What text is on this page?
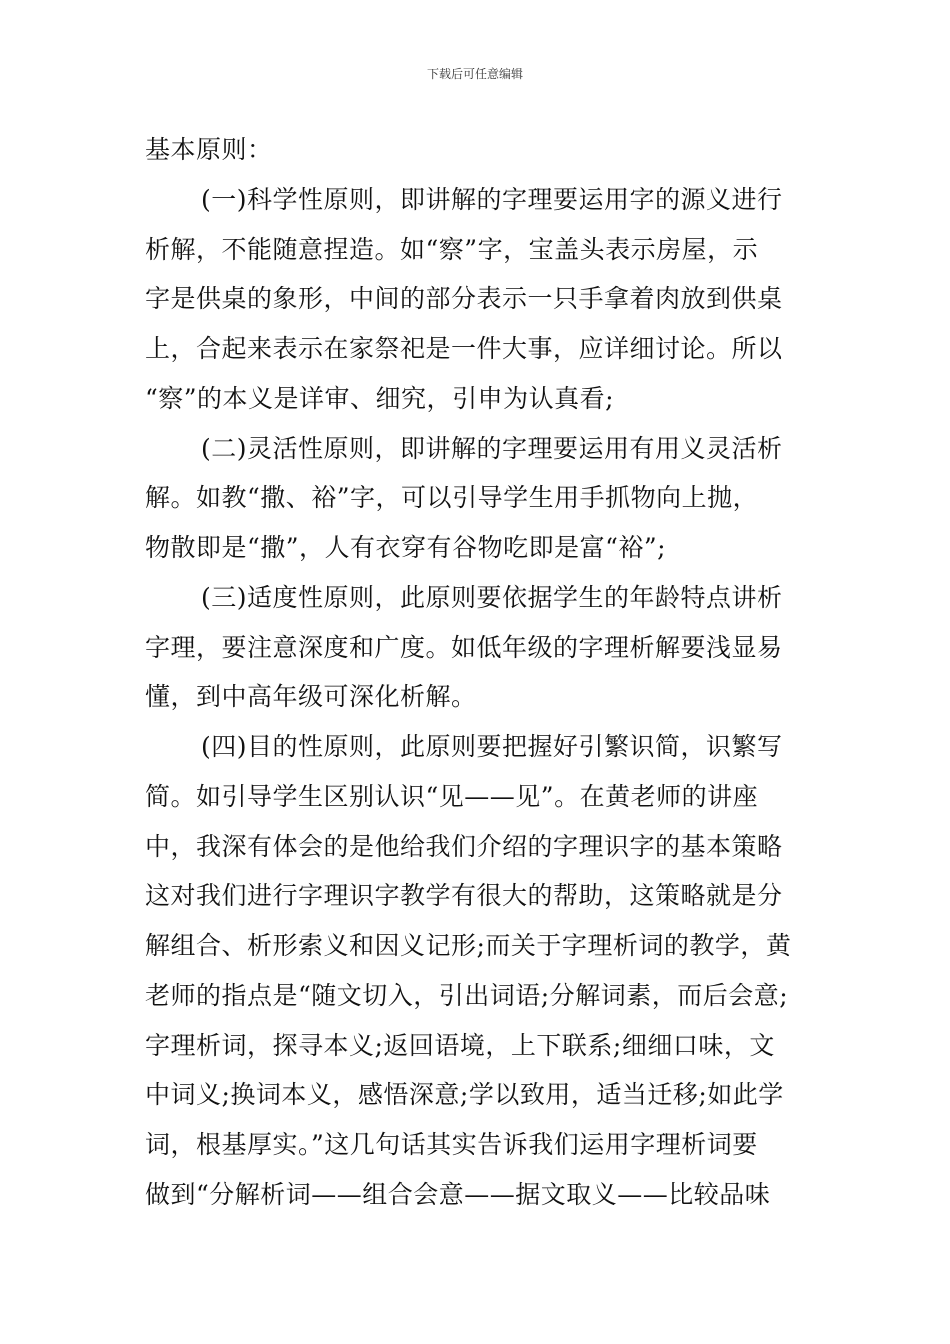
下载后可任意编辑
基本原则：
(一)科学性原则，即讲解的字理要运用字的源义进行
析解，不能随意捏造。如“察”字，宝盖头表示房屋，示
字是供桌的象形，中间的部分表示一只手拿着肉放到供桌
上，合起来表示在家祭祀是一件大事，应详细讨论。所以
“察”的本义是详审、细究，引申为认真看;
(二)灵活性原则，即讲解的字理要运用有用义灵活析
解。如教“撒、裕”字，可以引导学生用手抓物向上抛，
物散即是“撒”，人有衣穿有谷物吃即是富“裕”;
(三)适度性原则，此原则要依据学生的年龄特点讲析
字理，要注意深度和广度。如低年级的字理析解要浅显易
懂，到中高年级可深化析解。
(四)目的性原则，此原则要把握好引繁识简，识繁写
简。如引导学生区别认识“见——见”。在黄老师的讲座
中，我深有体会的是他给我们介绍的字理识字的基本策略
这对我们进行字理识字教学有很大的帮助，这策略就是分
解组合、析形索义和因义记形;而关于字理析词的教学，黄
老师的指点是“随文切入，引出词语;分解词素，而后会意;
字理析词，探寻本义;返回语境，上下联系;细细口味，文
中词义;换词本义，感悟深意;学以致用，适当迁移;如此学
词，根基厚实。”这几句话其实告诉我们运用字理析词要
做到“分解析词——组合会意——据文取义——比较品味
